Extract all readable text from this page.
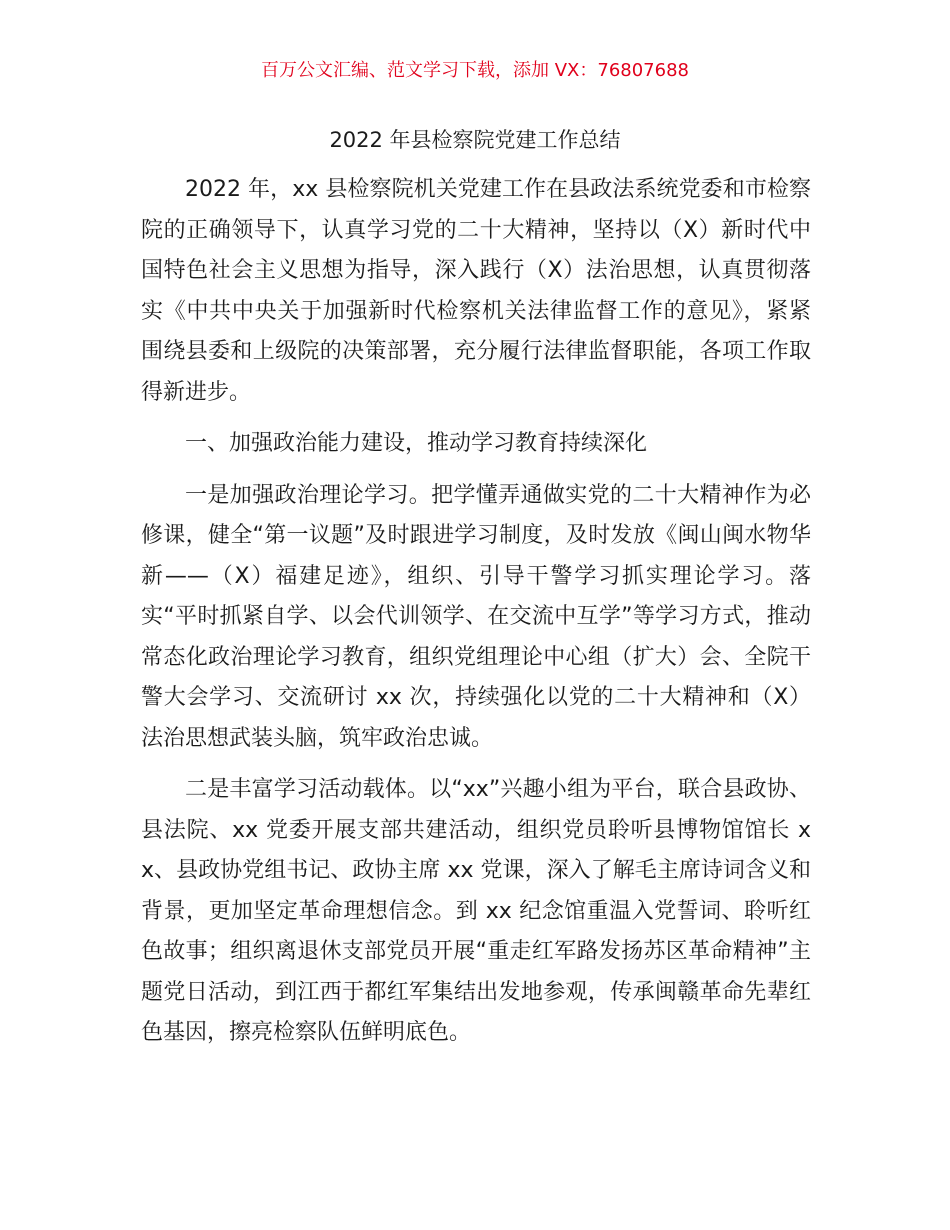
百万公文汇编、范文学习下载，添加 VX：76807688
2022 年县检察院党建工作总结

2022 年，xx 县检察院机关党建工作在县政法系统党委和市检察院的正确领导下，认真学习党的二十大精神，坚持以（X）新时代中国特色社会主义思想为指导，深入践行（X）法治思想，认真贯彻落实《中共中央关于加强新时代检察机关法律监督工作的意见》，紧紧围绕县委和上级院的决策部署，充分履行法律监督职能，各项工作取得新进步。

一、加强政治能力建设，推动学习教育持续深化

一是加强政治理论学习。把学懂弄通做实党的二十大精神作为必修课，健全“第一议题”及时跟进学习制度，及时发放《闽山闽水物华新——（X）福建足迹》，组织、引导干警学习抓实理论学习。落实“平时抓紧自学、以会代训领学、在交流中互学”等学习方式，推动常态化政治理论学习教育，组织党组理论中心组（扩大）会、全院干警大会学习、交流研讨 xx 次，持续强化以党的二十大精神和（X）法治思想武装头脑，筑牢政治忠诚。

二是丰富学习活动载体。以“xx”兴趣小组为平台，联合县政协、县法院、xx 党委开展支部共建活动，组织党员聆听县博物馆馆长 xx、县政协党组书记、政协主席 xx 党课，深入了解毛主席诗词含义和背景，更加坚定革命理想信念。到 xx 纪念馆重温入党誓词、聆听红色故事；组织离退休支部党员开展“重走红军路发扬苏区革命精神”主题党日活动，到江西于都红军集结出发地参观，传承闽赣革命先辈红色基因，擦亮检察队伍鲜明底色。
